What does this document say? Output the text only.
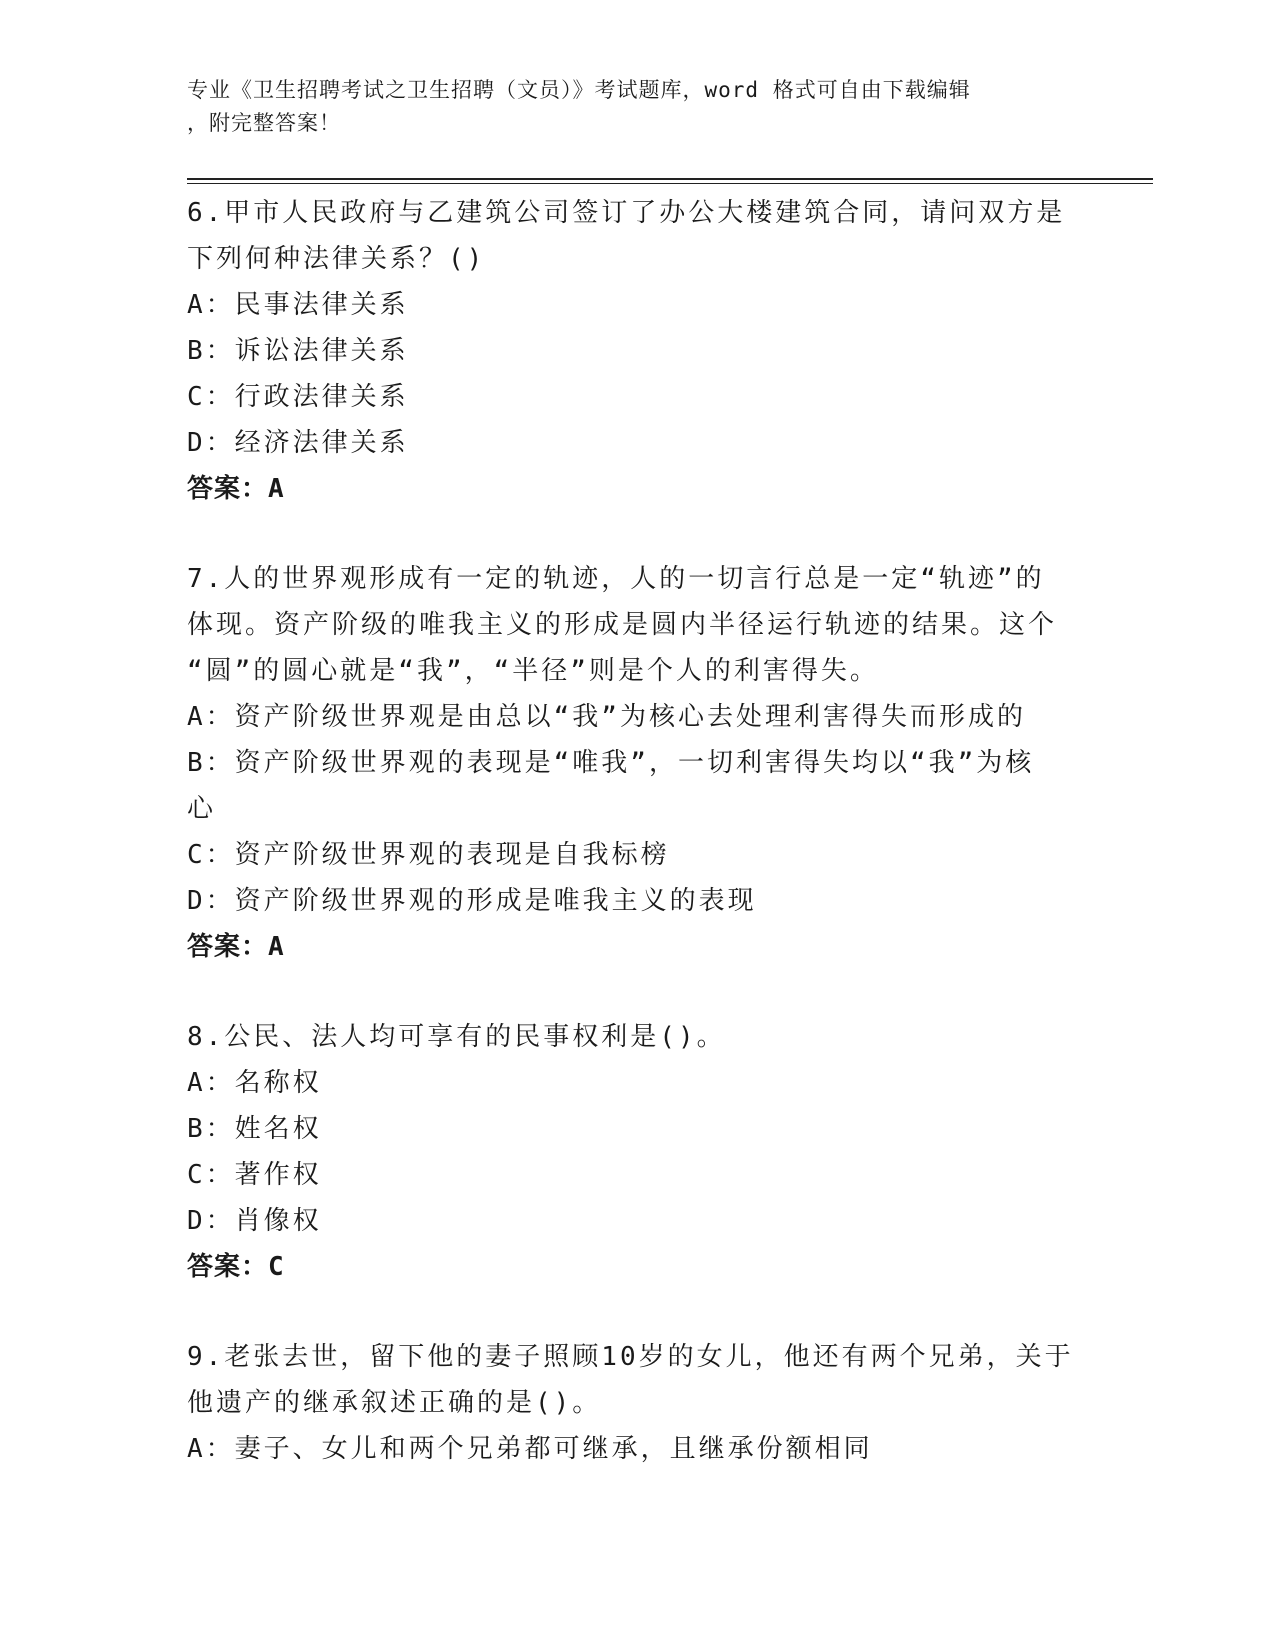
专业《卫生招聘考试之卫生招聘（文员）》考试题库，word 格式可自由下载编辑
，附完整答案！
6.甲市人民政府与乙建筑公司签订了办公大楼建筑合同，请问双方是
下列何种法律关系？()
A：民事法律关系
B：诉讼法律关系
C：行政法律关系
D：经济法律关系
答案：A
7.人的世界观形成有一定的轨迹，人的一切言行总是一定“轨迹”的
体现。资产阶级的唯我主义的形成是圆内半径运行轨迹的结果。这个
“圆”的圆心就是“我”，“半径”则是个人的利害得失。
A：资产阶级世界观是由总以“我”为核心去处理利害得失而形成的
B：资产阶级世界观的表现是“唯我”，一切利害得失均以“我”为核
心
C：资产阶级世界观的表现是自我标榜
D：资产阶级世界观的形成是唯我主义的表现
答案：A
8.公民、法人均可享有的民事权利是()。
A：名称权
B：姓名权
C：著作权
D：肖像权
答案：C
9.老张去世，留下他的妻子照顾10岁的女儿，他还有两个兄弟，关于
他遗产的继承叙述正确的是()。
A：妻子、女儿和两个兄弟都可继承，且继承份额相同
